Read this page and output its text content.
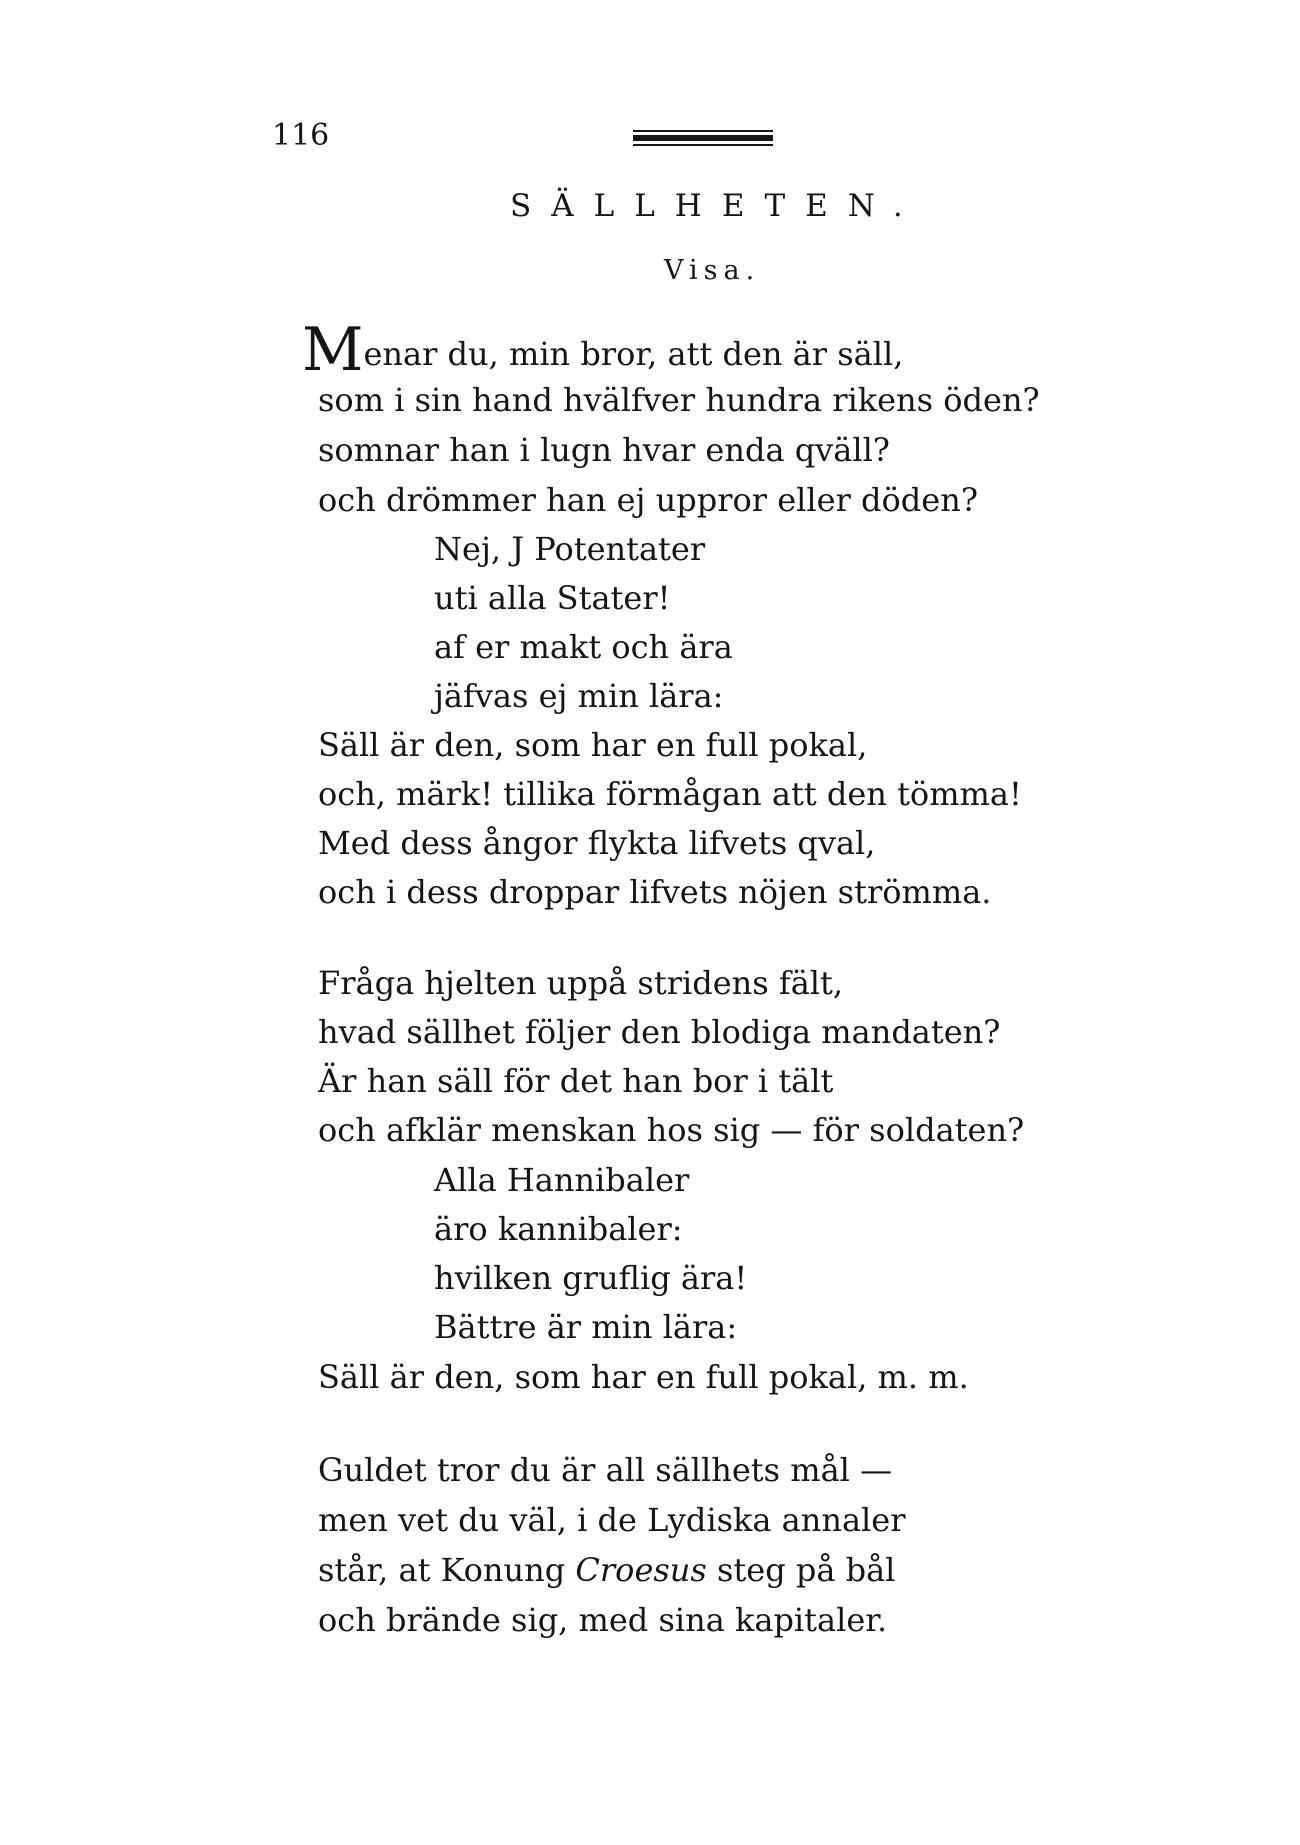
116
SÄLLHETEN.
Visa.
Menar du, min bror, att den är säll,
som i sin hand hvälfver hundra rikens öden?
somnar han i lugn hvar enda qväll?
och drömmer han ej uppror eller döden?
Nej, J Potentater
uti alla Stater!
af er makt och ära
jäfvas ej min lära:
Säll är den, som har en full pokal,
och, märk! tillika förmågan att den tömma!
Med dess ångor flykta lifvets qval,
och i dess droppar lifvets nöjen strömma.
Fråga hjelten uppå stridens fält,
hvad sällhet följer den blodiga mandaten?
Är han säll för det han bor i tält
och afklär menskan hos sig — för soldaten?
Alla Hannibaler
äro kannibaler:
hvilken gruflig ära!
Bättre är min lära:
Säll är den, som har en full pokal, m. m.
Guldet tror du är all sällhets mål —
men vet du väl, i de Lydiska annaler
står, at Konung Croesus steg på bål
och brände sig, med sina kapitaler.
